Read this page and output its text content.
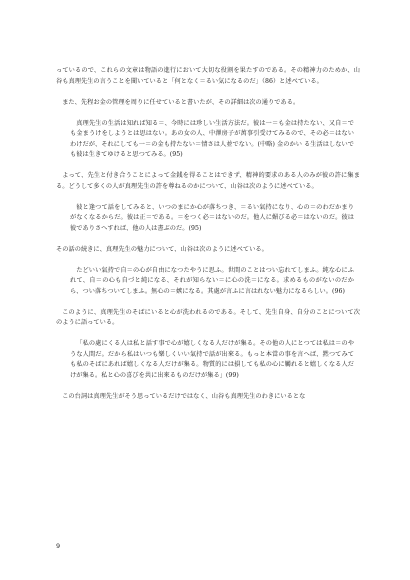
っているので、これらの文章は物語の進行において大切な役割を果たすのである。その精神力のためか、山谷も真理先生の言うことを聞いていると「何となく＝るい気になるのだ」（86）と述べている。

また、先程お金の管理を周りに任せていると書いたが、その詳細は次の通りである。

真理先生の生活は知れば知る＝、今時には珍しい生活方法だ。彼は一＝も金は持たない、又自＝でも金まうけをしようとは思はない。あの女の人、中澤房子が萬事引受けてみるので、その必＝はないわけだが、それにしても一＝の金も持たない＝情さは人並でない。(中略) 金のかい る生活はしないでも彼は生きてゆけると思つてみる。(95)

よって、先生と付き合うことによって金銭を得ることはできず、精神的要求のある人のみが彼の許に集まる。どうして多くの人が真理先生の許を尊ねるのかについて、山谷は次のように述べている。

彼と逢つて話をしてみると、いつのまにか心が落ちつき、＝るい氣持になり、心の＝のわだかまりがなくなるからだ。彼は正＝である。＝をつく必＝はないのだ。他人に媚びる必＝はないのだ。彼は彼でありさへすれば、他の人は書ぶのだ。(95)

その話の続きに、真理先生の魅力について、山谷は次のように述べている。

たどいい氣持で自＝の心が自由になつたやうに思ふ。世間のことはつい忘れてしまふ。純な心にふれて、自＝の心も自づと純になる、それが知らない＝に心の洗＝になる。求めるものがないのだから、つい落ちついてしまふ。無心の＝嫉になる。其處が言ふに言はれない魅力になるらしい。(96)

このように、真理先生のそばにいると心が洗われるのである。そして、先生自身、自分のことについて次のように語っている。

「私の處にくる人は私と話す事で心が嬉しくなる人だけが集る。その他の人にとつては私は＝のやうな人間だ。だから私はいつも樂しくいい氣持で話が出來る。もっと本當の事を言へば、黙つてみても私のそばにあれば嬉しくなる人だけが集る。物質的には損しても私の心に觸れると嬉しくなる人だけが集る。私と心の喜びを共に出來るものだけが集る」(99)

この台詞は真理先生がそう思っているだけではなく、山谷も真理先生のわきにいるとな

9
